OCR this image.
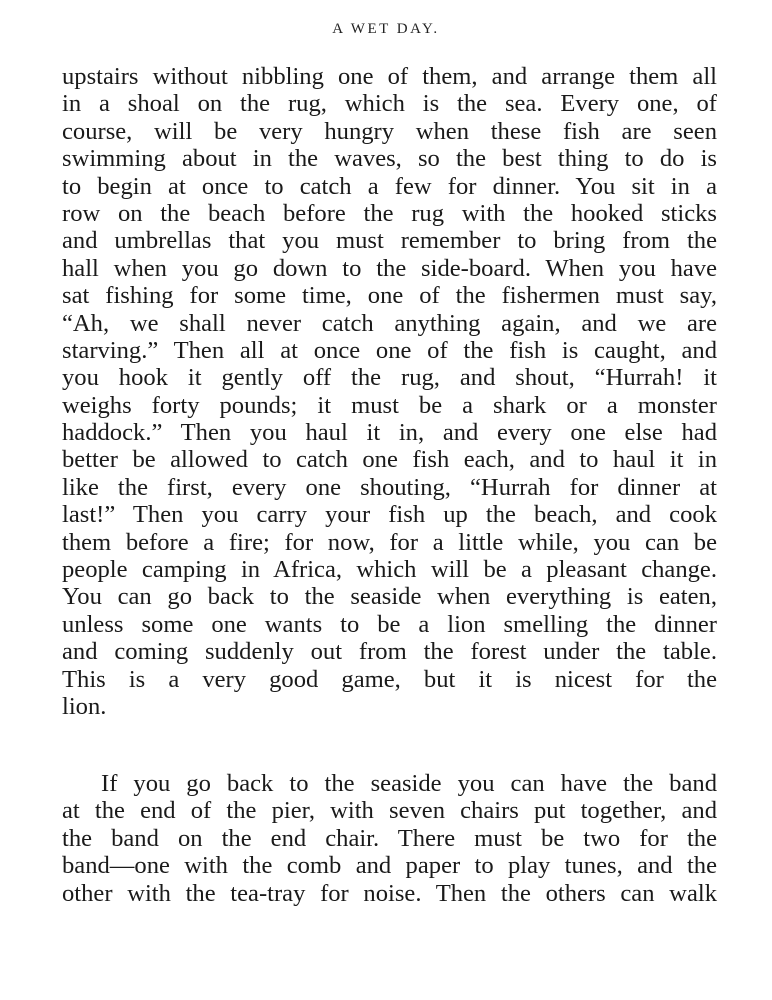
A WET DAY.
upstairs without nibbling one of them, and arrange them all
in a shoal on the rug, which is the sea. Every one, of
course, will be very hungry when these fish are seen
swimming about in the waves, so the best thing to do is
to begin at once to catch a few for dinner. You sit in a
row on the beach before the rug with the hooked sticks
and umbrellas that you must remember to bring from the
hall when you go down to the side-board. When you have
sat fishing for some time, one of the fishermen must say,
“Ah, we shall never catch anything again, and we are
starving.” Then all at once one of the fish is caught, and
you hook it gently off the rug, and shout, “Hurrah! it
weighs forty pounds; it must be a shark or a monster
haddock.” Then you haul it in, and every one else had
better be allowed to catch one fish each, and to haul it in
like the first, every one shouting, “Hurrah for dinner at
last!” Then you carry your fish up the beach, and cook
them before a fire; for now, for a little while, you can be
people camping in Africa, which will be a pleasant change.
You can go back to the seaside when everything is eaten,
unless some one wants to be a lion smelling the dinner
and coming suddenly out from the forest under the table.
This is a very good game, but it is nicest for the
lion.
If you go back to the seaside you can have the band
at the end of the pier, with seven chairs put together, and
the band on the end chair. There must be two for the
band—one with the comb and paper to play tunes, and the
other with the tea-tray for noise. Then the others can walk
